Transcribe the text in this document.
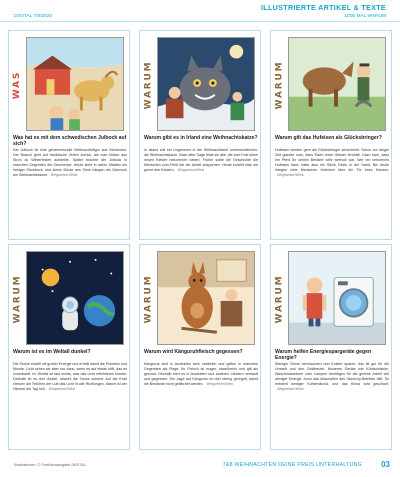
ILLUSTRIERTE ARTIKEL & TEXTE
DIGITAL 7/8/2020	1000 MAL WARUM
WAS
Was hat es mit dem schwedischen Julbock auf sich?
Der Julbock ist eine geheimnisvolle Weihnachtsfigur aus Schweden. Der Brauch geht auf heidnische Zeiten zurück, als man Böcke aus Stroh zu Winterfesten aufstellte. Später brachte der Julbock in manchen Gegenden die Geschenke. Heute steht in vielen Städten ein riesiger Strohbock, und kleine Böcke aus Stroh hängen als Schmuck am Weihnachtsbaum. Wegweiser/Wink
WARUM
Warum gibt es in Irland eine Weihnachtskatze?
In Island soll ein Ungeheuer in der Weihnachtszeit umherschleichen: die Weihnachtskatze. Nach alter Sage frisst sie alle, die zum Fest keine neuen Kleider bekommen haben. Früher sollte die Geschichte die Menschen zum Fleiß bei der Arbeit anspornen. Heute erzählt man sie gerne den Kindern. Wegweiser/Wink
WARUM
Warum gilt das Hufeisen als Glücksbringer?
Hufeisen werden gern als Glücksbringer verschenkt. Schon vor langer Zeit glaubte man, dass Eisen böse Geister fernhält. Dazu kam, dass ein Pferd für seinen Besitzer sehr wertvoll war. Wer ein verlorenes Hufeisen fand, hatte also ein Stück Glück in der Hand. Bis heute hängen viele Menschen Hufeisen über die Tür ihres Hauses. Wegweiser/Wink
WARUM
Warum ist es im Weltall dunkel?
Die Sonne strahlt mit großer Energie und erhellt damit die Planeten und Monde. Licht sehen wir aber nur dann, wenn es auf etwas trifft, das es zurückwirft. Im Weltall ist fast nichts, was das Licht reflektieren könnte. Deshalb ist es dort dunkel, obwohl die Sonne scheint. Auf der Erde streuen die Teilchen der Luft das Licht in alle Richtungen, darum ist der Himmel am Tag hell. Wegweiser/Wink
WARUM
Warum wird Känguruhfleisch gegessen?
Kängurus sind in Australien sehr zahlreich und gelten in manchen Gegenden als Plage. Ihr Fleisch ist mager, eiweißreich und gilt als gesund. Deshalb wird es in Australien und anderen Ländern verkauft und gegessen. Die Jagd auf Kängurus ist dort streng geregelt, damit die Bestände nicht gefährdet werden. Wegweiser/Wink
WARUM
Warum helfen Energiespargeräte gegen Energie?
Weniger Strom verbrauchen und Kosten sparen: das ist gut für die Umwelt und den Geldbeutel. Moderne Geräte wie Kühlschränke, Waschmaschinen oder Lampen benötigen für die gleiche Arbeit viel weniger Energie. Auch das Abschalten des Stand-by-Betriebs hilft. So entsteht weniger Kohlendioxid, und das Klima wird geschont. Wegweiser/Wink
Illustrationen: © Familienausgabe DIGITAL	7&8 WEIHNACHTEN DEINE PREIS UNTERHALTUNG 03
